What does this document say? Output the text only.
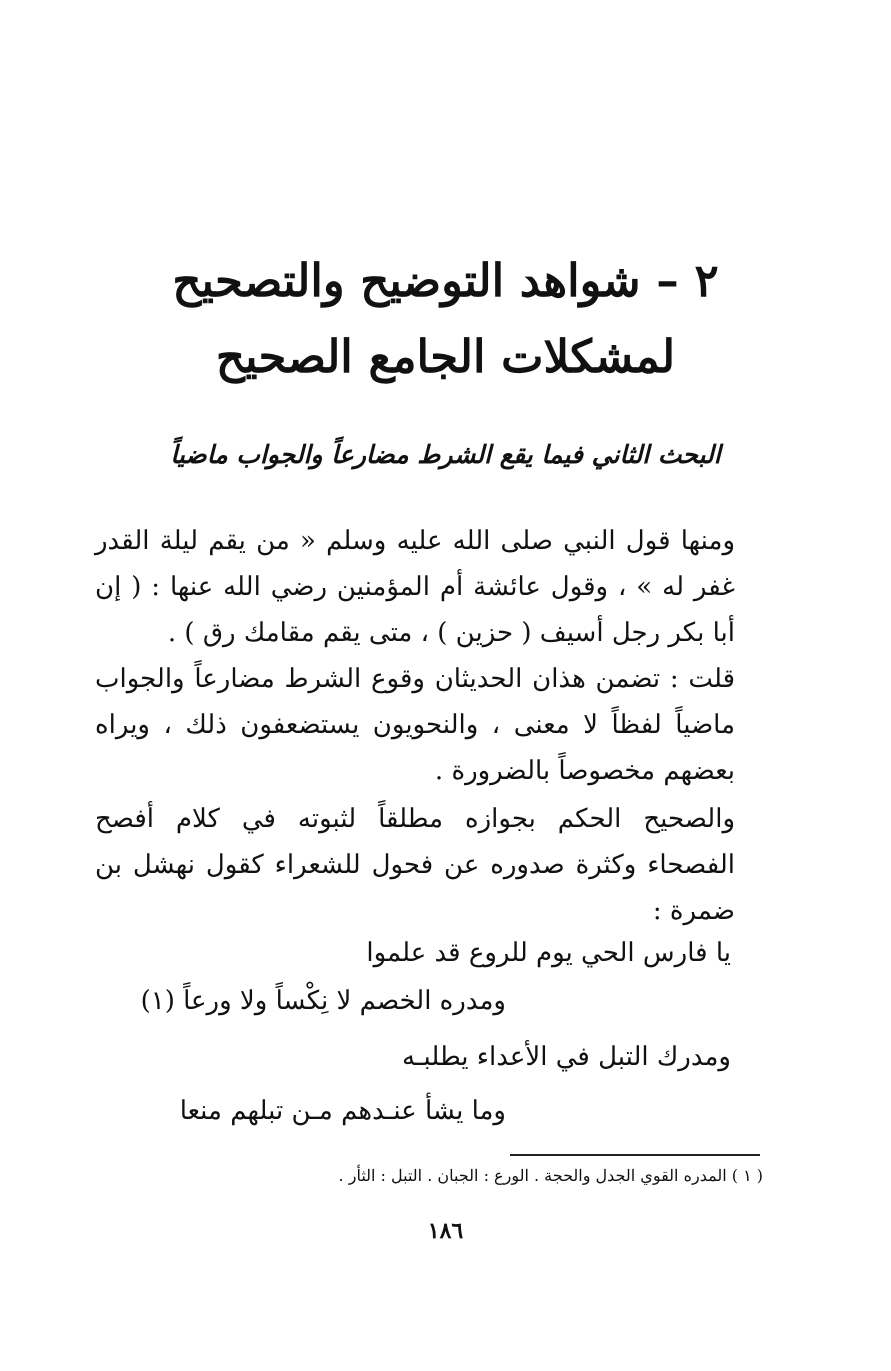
٢ – شواهد التوضيح والتصحيح
لمشكلات الجامع الصحيح
البحث الثاني فيما يقع الشرط مضارعاً والجواب ماضياً
ومنها قول النبي صلى الله عليه وسلم « من يقم ليلة القدر غفر له » ، وقول عائشة أم المؤمنين رضي الله عنها : ( إن أبا بكر رجل أسيف ( حزين ) ، متى يقم مقامك رق ) .
قلت : تضمن هذان الحديثان وقوع الشرط مضارعاً والجواب ماضياً لفظاً لا معنى ، والنحويون يستضعفون ذلك ، ويراه بعضهم مخصوصاً بالضرورة .
والصحيح الحكم بجوازه مطلقاً لثبوته في كلام أفصح الفصحاء وكثرة صدوره عن فحول للشعراء كقول نهشل بن ضمرة :
يا فارس الحي يوم للروع قد علموا
ومدره الخصم لا نِكْساً ولا ورعاً (١)
ومدرك التبل في الأعداء يطلبـه
وما يشأ عنـدهم مـن تبلهم منعا
( ١ ) المدره القوي الجدل والحجة . الورع : الجبان . التبل : الثأر .
١٨٦
